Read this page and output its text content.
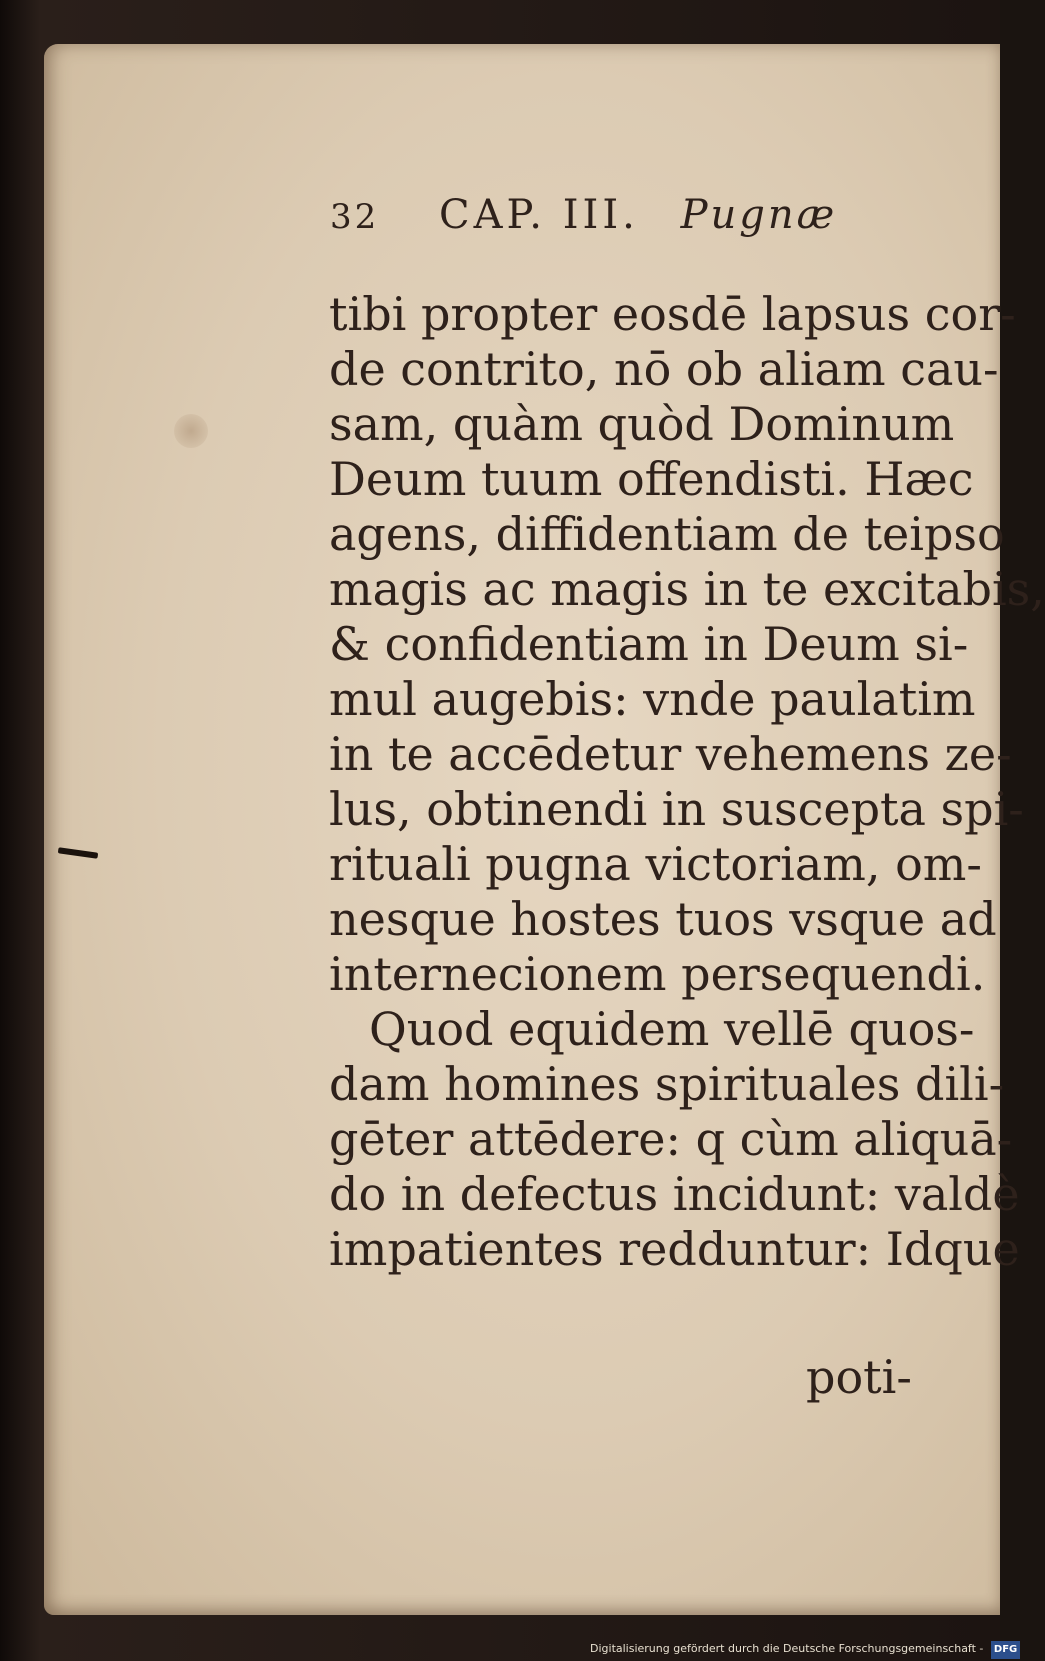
32 CAP. III. Pugnæ
tibi propter eosdē lapsus cor-
de contrito, nō ob aliam cau-
sam, quàm quòd Dominum
Deum tuum offendisti. Hæc
agens, diffidentiam de teipso
magis ac magis in te excitabis,
& confidentiam in Deum si-
mul augebis: vnde paulatim
in te accēdetur vehemens ze-
lus, obtinendi in suscepta spi-
rituali pugna victoriam, om-
nesque hostes tuos vsque ad
internecionem persequendi.
Quod equidem vellē quos-
dam homines spirituales dili-
gēter attēdere: q cùm aliquā-
do in defectus incidunt: valdè
impatientes redduntur: Idque
poti-
Digitalisierung gefördert durch die Deutsche Forschungsgemeinschaft - DFG
